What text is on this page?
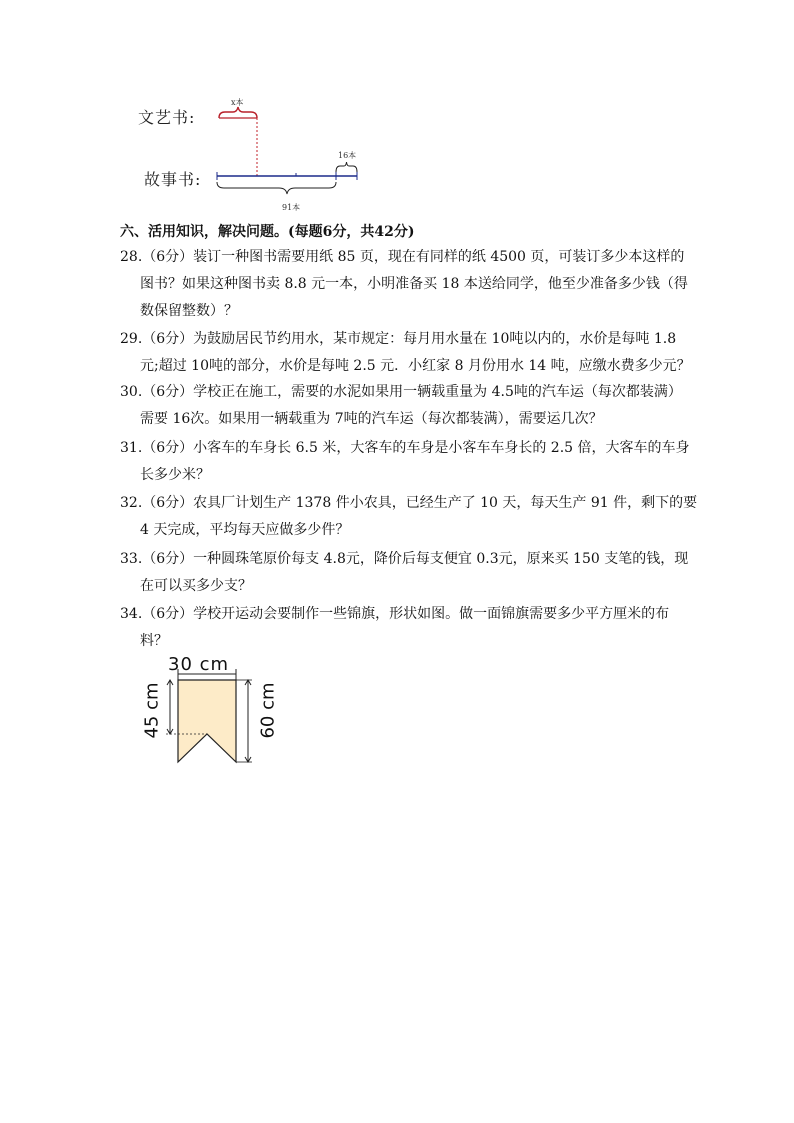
文艺书:
故事书:
x本
16本
91本
六、活用知识，解决问题。(每题6分，共42分)
28.（6分）装订一种图书需要用纸 85 页，现在有同样的纸 4500 页，可装订多少本这样的
图书？如果这种图书卖 8.8 元一本，小明准备买 18 本送给同学，他至少准备多少钱（得
数保留整数）？
29.（6分）为鼓励居民节约用水，某市规定：每月用水量在 10吨以内的，水价是每吨 1.8
元;超过 10吨的部分，水价是每吨 2.5 元．小红家 8 月份用水 14 吨，应缴水费多少元？
30.（6分）学校正在施工，需要的水泥如果用一辆载重量为 4.5吨的汽车运（每次都装满）
需要 16次。如果用一辆载重为 7吨的汽车运（每次都装满），需要运几次？
31.（6分）小客车的车身长 6.5 米，大客车的车身是小客车车身长的 2.5 倍，大客车的车身
长多少米？
32.（6分）农具厂计划生产 1378 件小农具，已经生产了 10 天，每天生产 91 件，剩下的要
4 天完成，平均每天应做多少件？
33.（6分）一种圆珠笔原价每支 4.8元，降价后每支便宜 0.3元，原来买 150 支笔的钱，现
在可以买多少支？
34.（6分）学校开运动会要制作一些锦旗，形状如图。做一面锦旗需要多少平方厘米的布
料？
30 cm
45 cm	60 cm
